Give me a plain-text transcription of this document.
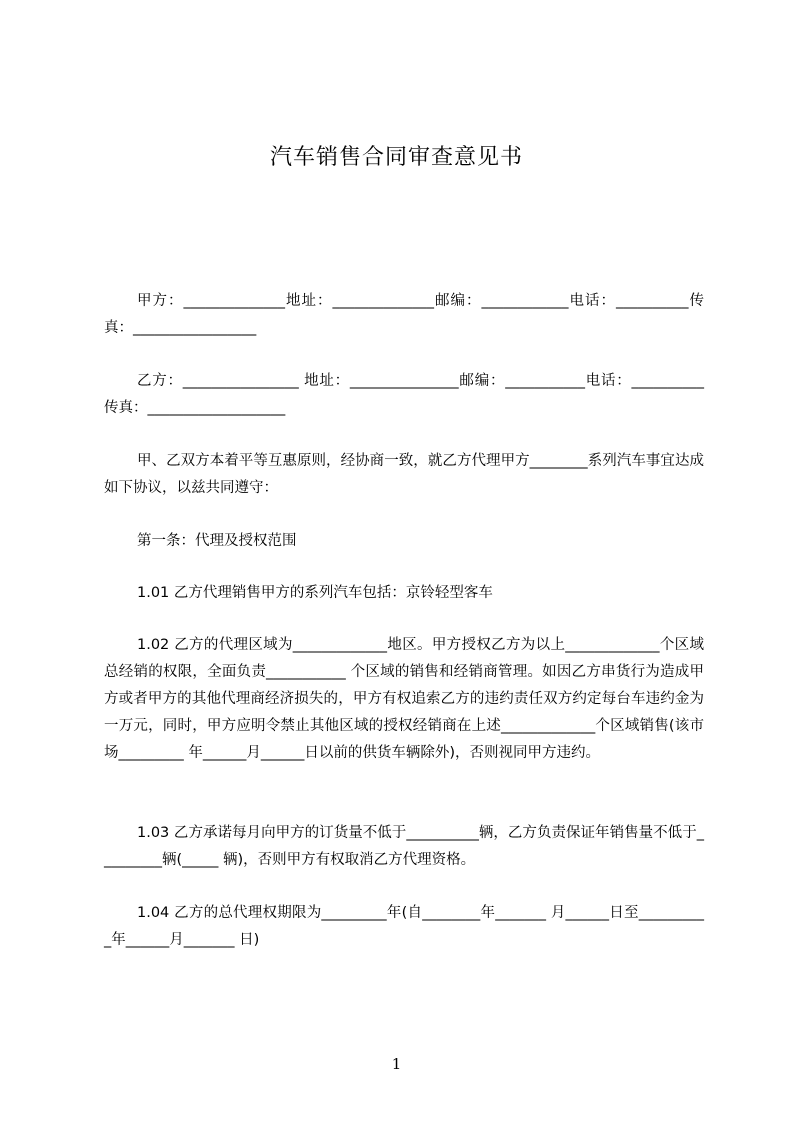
汽车销售合同审查意见书
甲方：______________地址：______________邮编：____________电话：__________传真：_________________
乙方：________________ 地址：_______________邮编：___________电话：__________传真：___________________
甲、乙双方本着平等互惠原则，经协商一致，就乙方代理甲方________系列汽车事宜达成如下协议，以兹共同遵守：
第一条：代理及授权范围
1.01 乙方代理销售甲方的系列汽车包括：京铃轻型客车
1.02 乙方的代理区域为_____________地区。甲方授权乙方为以上_____________个区域总经销的权限，全面负责___________ 个区域的销售和经销商管理。如因乙方串货行为造成甲方或者甲方的其他代理商经济损失的，甲方有权追索乙方的违约责任双方约定每台车违约金为一万元，同时，甲方应明令禁止其他区域的授权经销商在上述_____________个区域销售(该市场_________ 年______月______日以前的供货车辆除外)，否则视同甲方违约。
1.03 乙方承诺每月向甲方的订货量不低于__________辆，乙方负责保证年销售量不低于_________辆(_____ 辆)，否则甲方有权取消乙方代理资格。
1.04 乙方的总代理权期限为_________年(自________年_______ 月______日至__________年______月_______ 日)
1
